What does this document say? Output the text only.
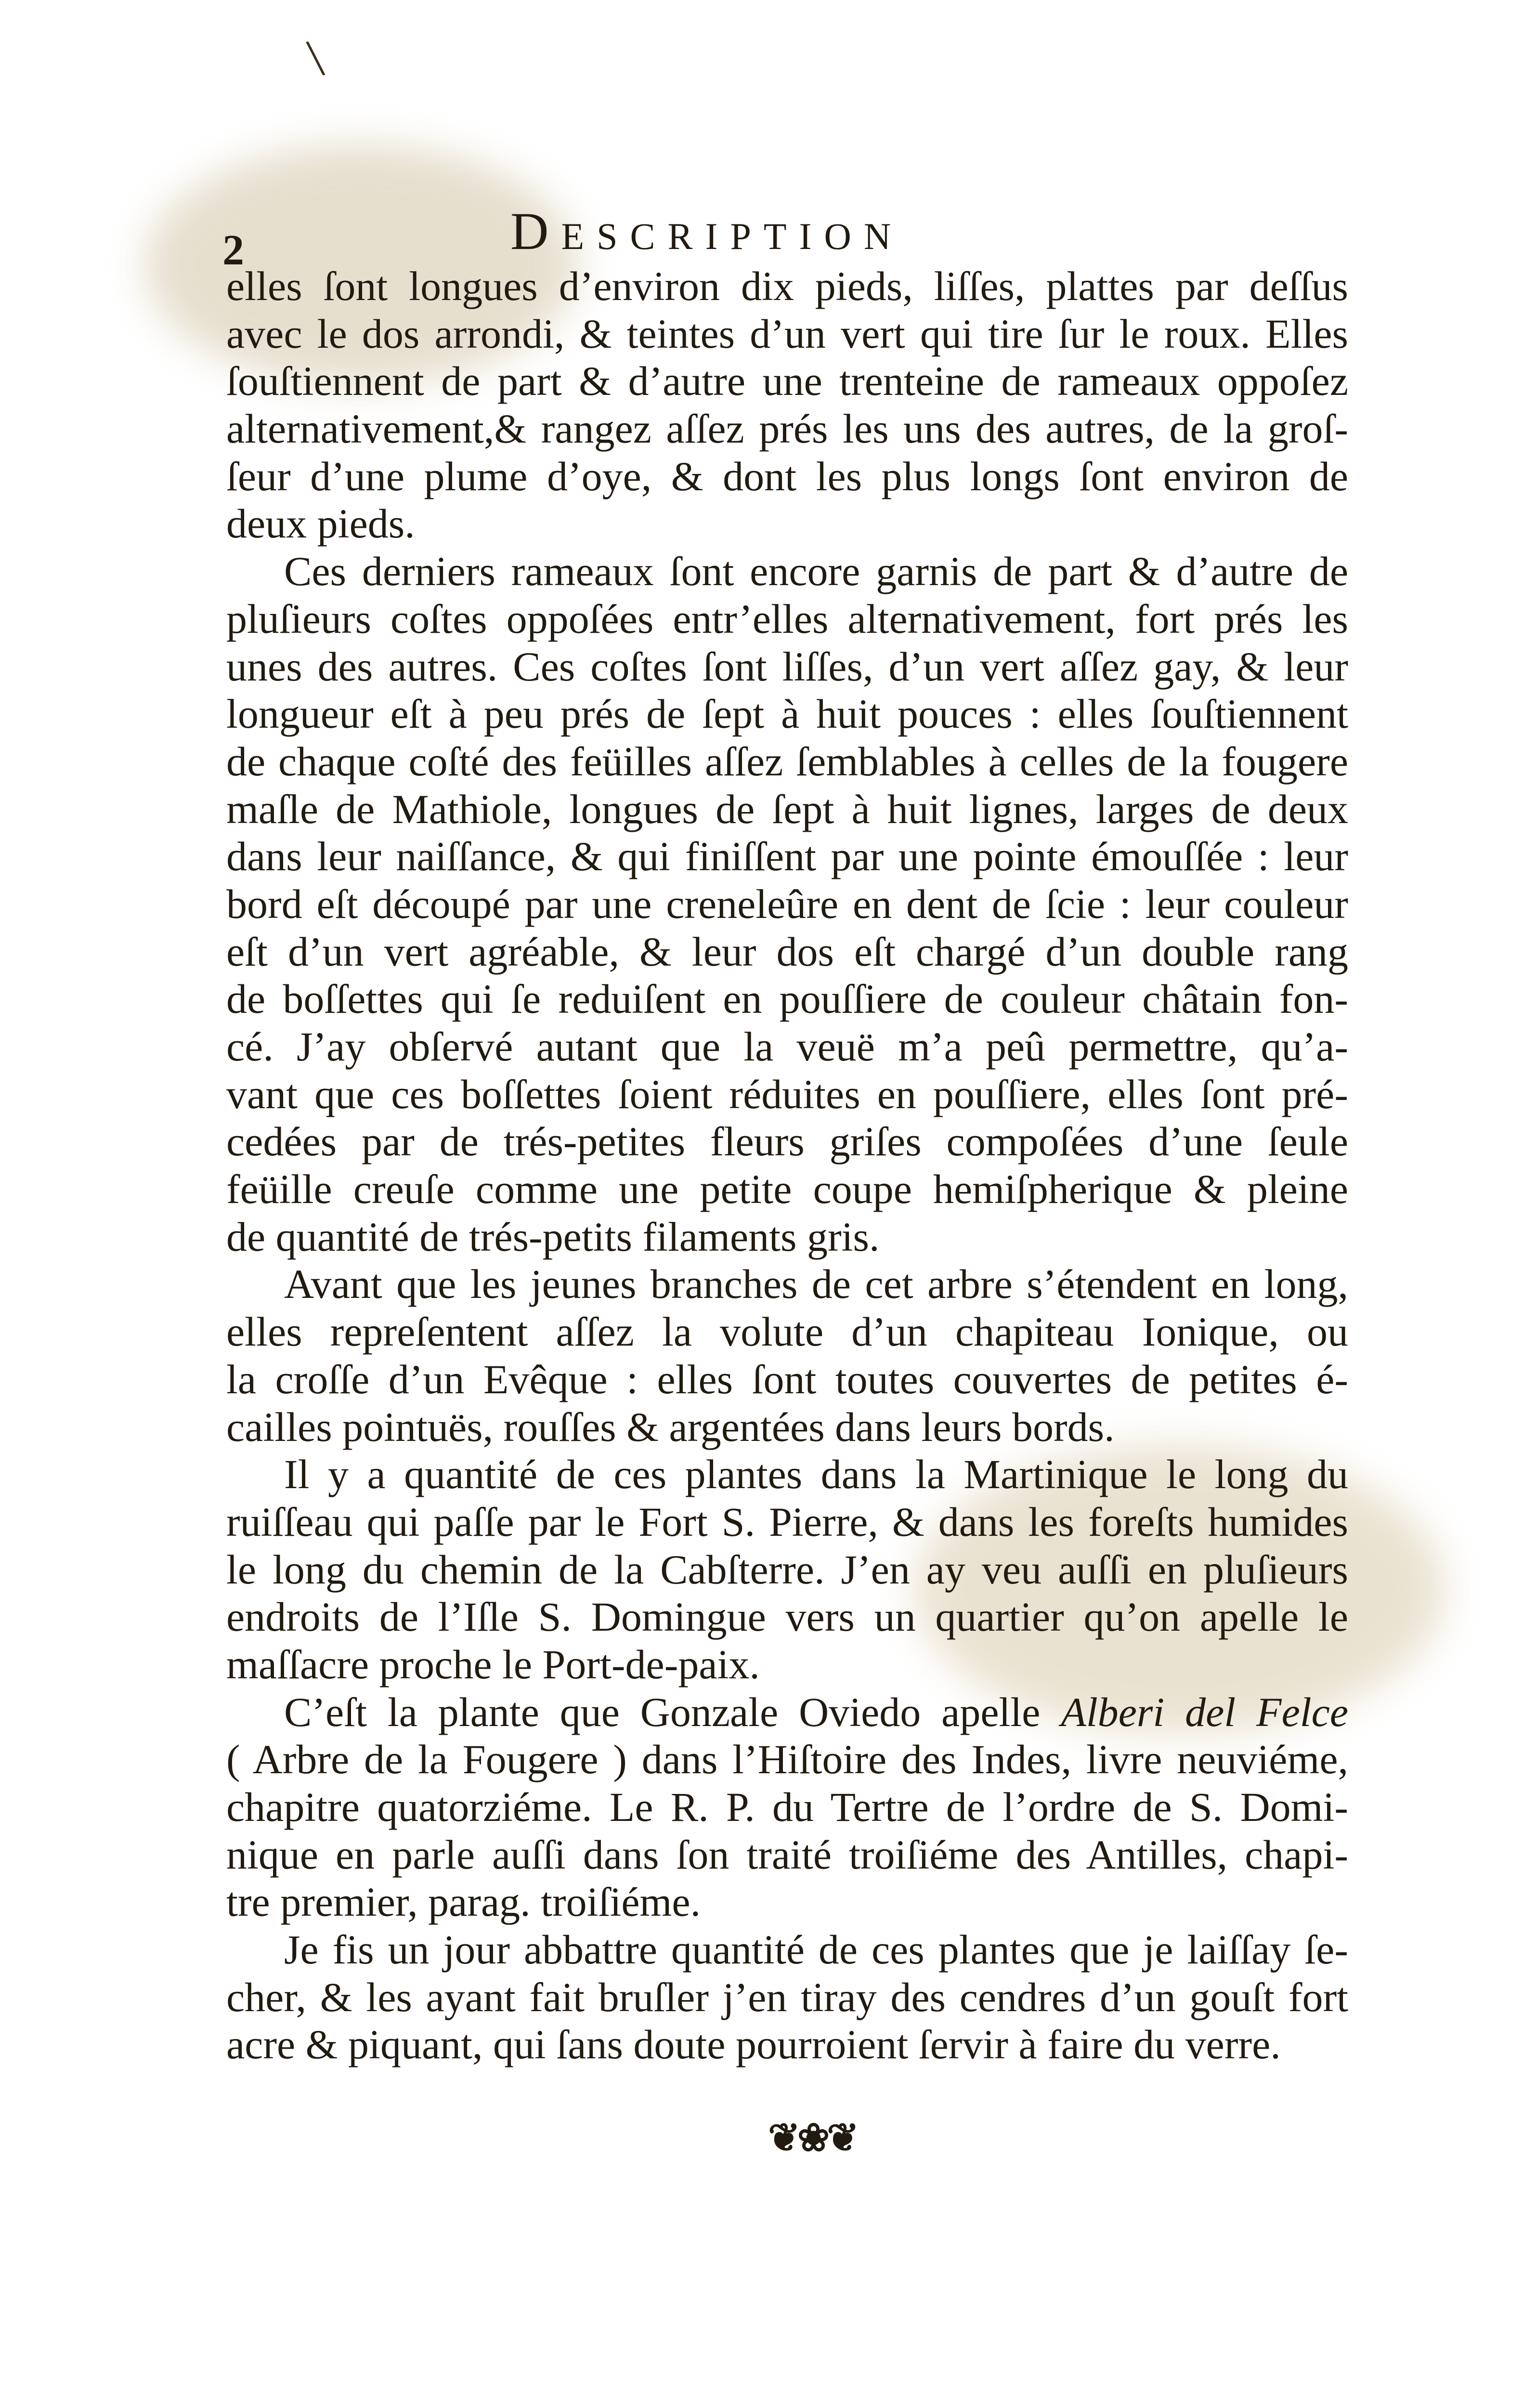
\
2	DESCRIPTION
elles ſont longues d’environ dix pieds, liſſes, plattes par deſſus
avec le dos arrondi, & teintes d’un vert qui tire ſur le roux. Elles
ſouſtiennent de part & d’autre une trenteine de rameaux oppoſez
alternativement,& rangez aſſez prés les uns des autres, de la groſ-
ſeur d’une plume d’oye, & dont les plus longs ſont environ de
deux pieds.
Ces derniers rameaux ſont encore garnis de part & d’autre de
pluſieurs coſtes oppoſées entr’elles alternativement, fort prés les
unes des autres. Ces coſtes ſont liſſes, d’un vert aſſez gay, & leur
longueur eſt à peu prés de ſept à huit pouces : elles ſouſtiennent
de chaque coſté des feüilles aſſez ſemblables à celles de la fougere
maſle de Mathiole, longues de ſept à huit lignes, larges de deux
dans leur naiſſance, & qui finiſſent par une pointe émouſſée : leur
bord eſt découpé par une creneleûre en dent de ſcie : leur couleur
eſt d’un vert agréable, & leur dos eſt chargé d’un double rang
de boſſettes qui ſe reduiſent en pouſſiere de couleur châtain fon-
cé. J’ay obſervé autant que la veuë m’a peû permettre, qu’a-
vant que ces boſſettes ſoient réduites en pouſſiere, elles ſont pré-
cedées par de trés-petites fleurs griſes compoſées d’une ſeule
feüille creuſe comme une petite coupe hemiſpherique & pleine
de quantité de trés-petits filaments gris.
Avant que les jeunes branches de cet arbre s’étendent en long,
elles repreſentent aſſez la volute d’un chapiteau Ionique, ou
la croſſe d’un Evêque : elles ſont toutes couvertes de petites é-
cailles pointuës, rouſſes & argentées dans leurs bords.
Il y a quantité de ces plantes dans la Martinique le long du
ruiſſeau qui paſſe par le Fort S. Pierre, & dans les foreſts humides
le long du chemin de la Cabſterre. J’en ay veu auſſi en pluſieurs
endroits de l’Iſle S. Domingue vers un quartier qu’on apelle le
maſſacre proche le Port-de-paix.
C’eſt la plante que Gonzale Oviedo apelle Alberi del Felce
( Arbre de la Fougere ) dans l’Hiſtoire des Indes, livre neuviéme,
chapitre quatorziéme. Le R. P. du Tertre de l’ordre de S. Domi-
nique en parle auſſi dans ſon traité troiſiéme des Antilles, chapi-
tre premier, parag. troiſiéme.
Je fis un jour abbattre quantité de ces plantes que je laiſſay ſe-
cher, & les ayant fait bruſler j’en tiray des cendres d’un gouſt fort
acre & piquant, qui ſans doute pourroient ſervir à faire du verre.
❦❀❦
